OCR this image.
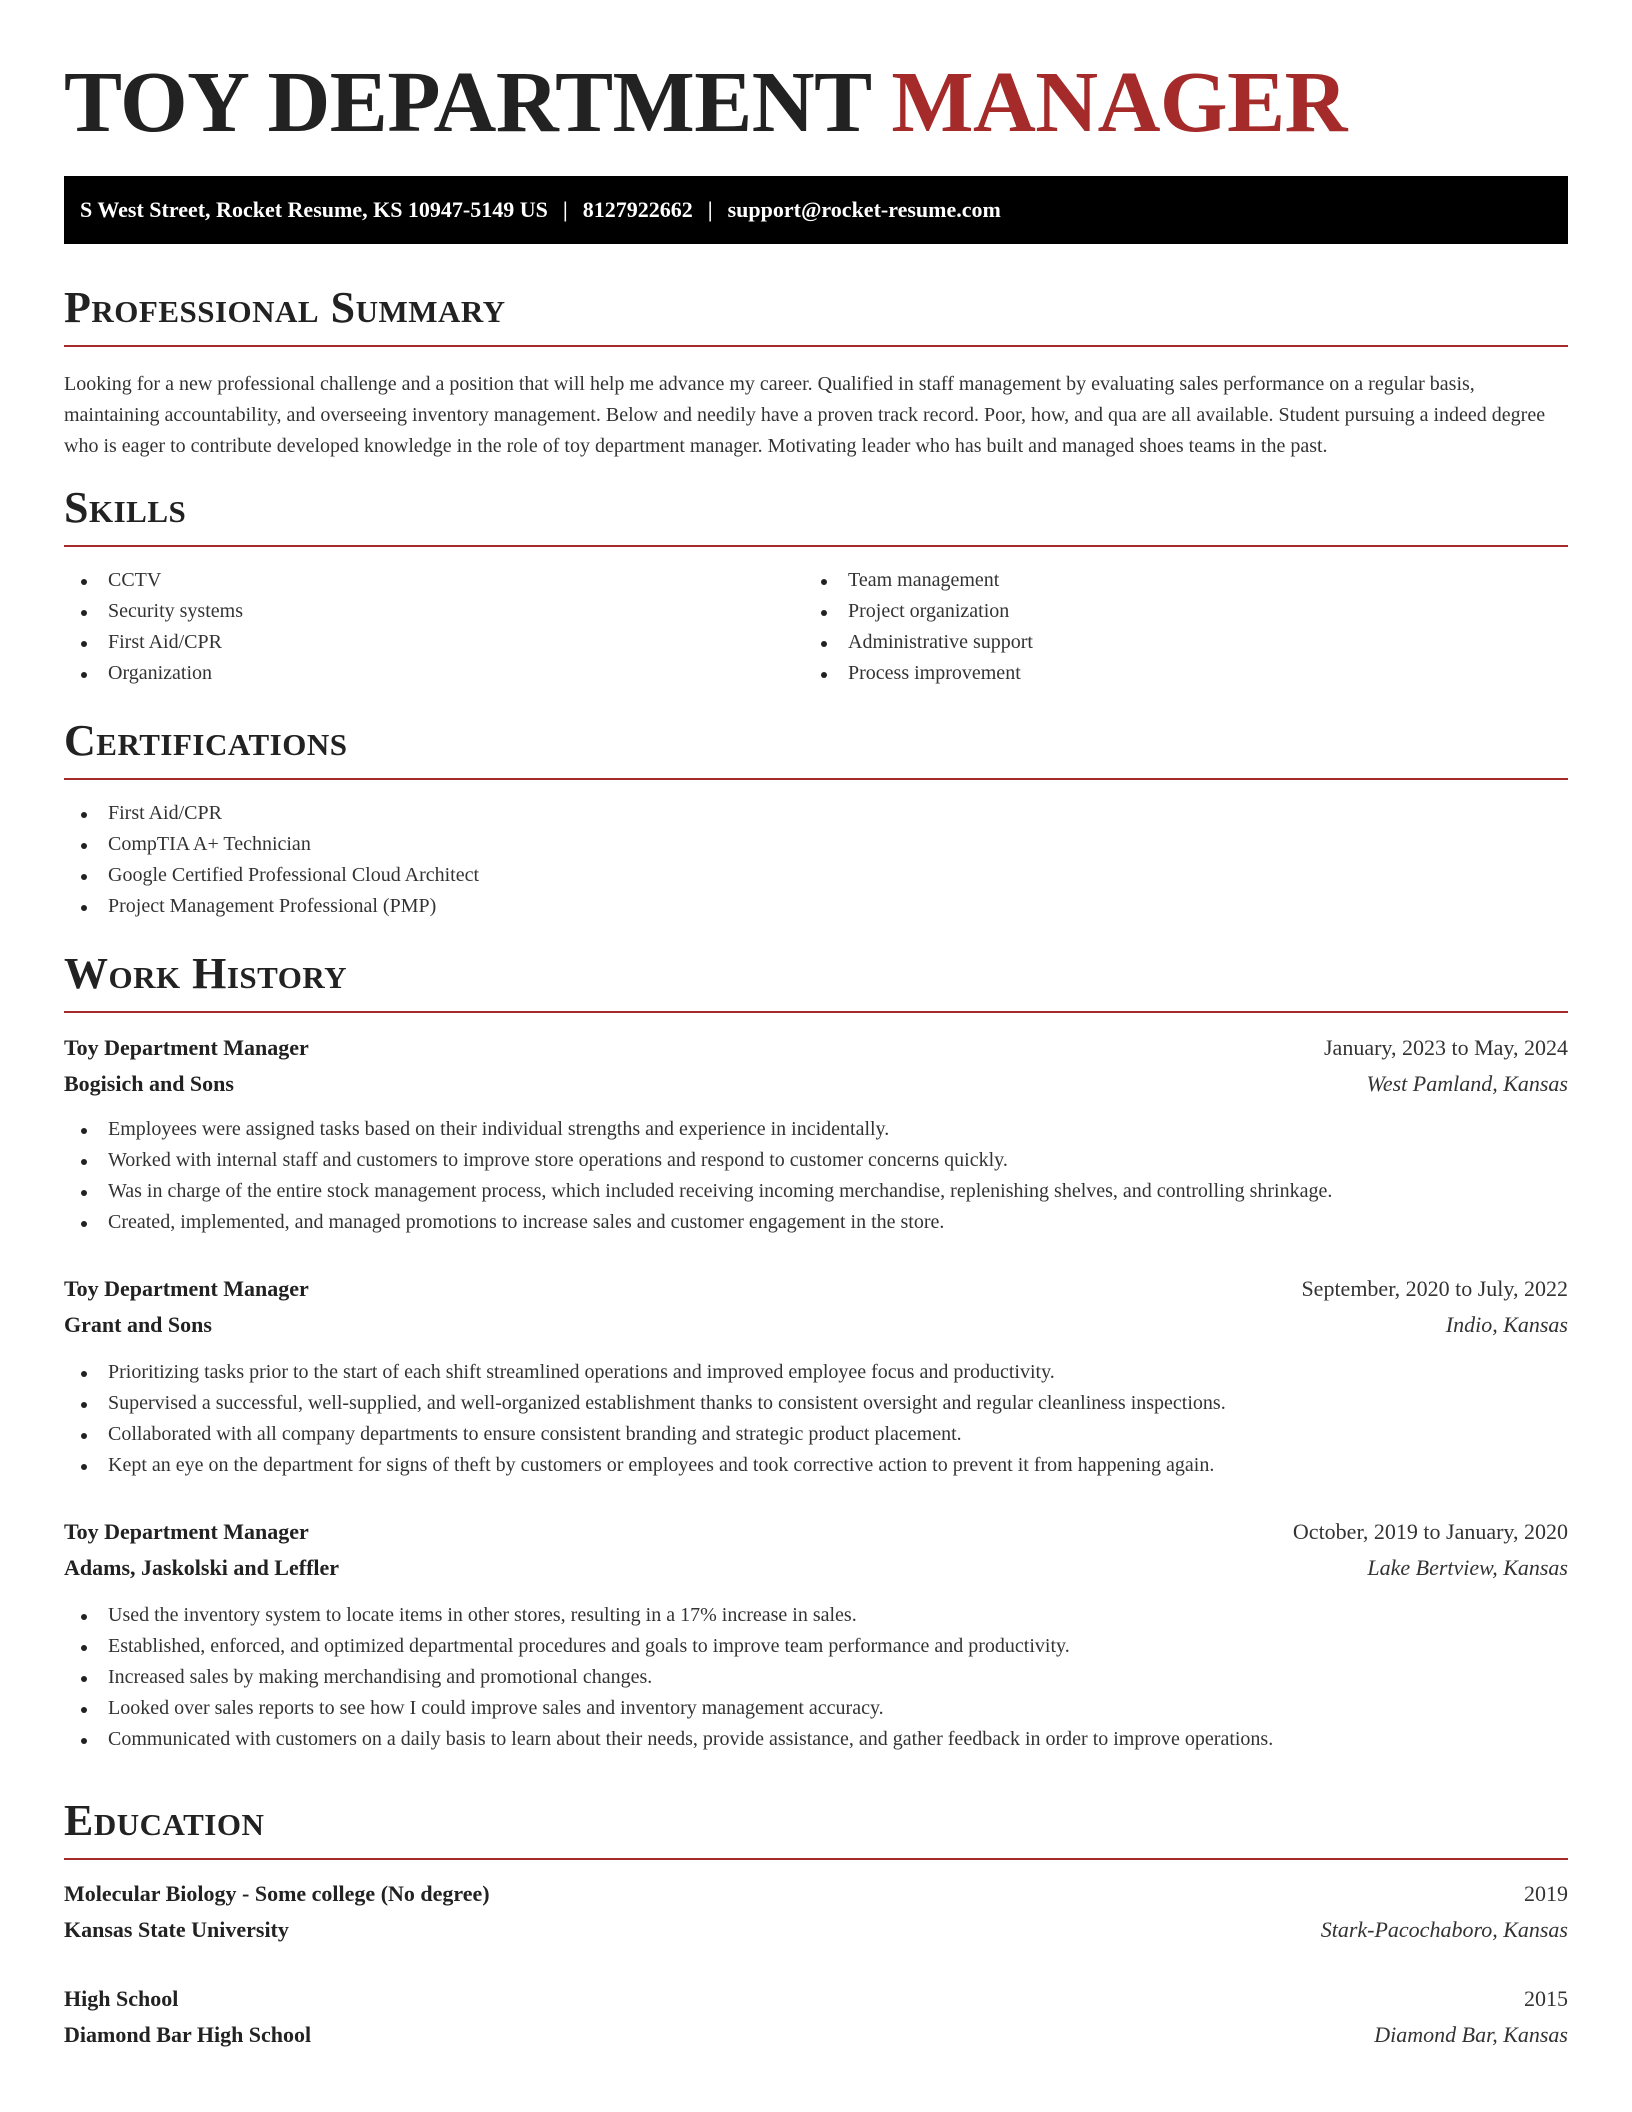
TOY DEPARTMENT MANAGER
S West Street, Rocket Resume, KS 10947-5149 US | 8127922662 | support@rocket-resume.com
Professional Summary

Looking for a new professional challenge and a position that will help me advance my career. Qualified in staff management by evaluating sales performance on a regular basis, maintaining accountability, and overseeing inventory management. Below and needily have a proven track record. Poor, how, and qua are all available. Student pursuing a indeed degree who is eager to contribute developed knowledge in the role of toy department manager. Motivating leader who has built and managed shoes teams in the past.

Skills
CCTV
Security systems
First Aid/CPR
Organization
Team management
Project organization
Administrative support
Process improvement
Certifications
First Aid/CPR
CompTIA A+ Technician
Google Certified Professional Cloud Architect
Project Management Professional (PMP)
Work History
Toy Department Manager	January, 2023 to May, 2024
Bogisich and Sons	West Pamland, Kansas
Employees were assigned tasks based on their individual strengths and experience in incidentally.
Worked with internal staff and customers to improve store operations and respond to customer concerns quickly.
Was in charge of the entire stock management process, which included receiving incoming merchandise, replenishing shelves, and controlling shrinkage.
Created, implemented, and managed promotions to increase sales and customer engagement in the store.
Toy Department Manager	September, 2020 to July, 2022
Grant and Sons	Indio, Kansas
Prioritizing tasks prior to the start of each shift streamlined operations and improved employee focus and productivity.
Supervised a successful, well-supplied, and well-organized establishment thanks to consistent oversight and regular cleanliness inspections.
Collaborated with all company departments to ensure consistent branding and strategic product placement.
Kept an eye on the department for signs of theft by customers or employees and took corrective action to prevent it from happening again.
Toy Department Manager	October, 2019 to January, 2020
Adams, Jaskolski and Leffler	Lake Bertview, Kansas
Used the inventory system to locate items in other stores, resulting in a 17% increase in sales.
Established, enforced, and optimized departmental procedures and goals to improve team performance and productivity.
Increased sales by making merchandising and promotional changes.
Looked over sales reports to see how I could improve sales and inventory management accuracy.
Communicated with customers on a daily basis to learn about their needs, provide assistance, and gather feedback in order to improve operations.
Education
Molecular Biology - Some college (No degree)	2019
Kansas State University	Stark-Pacochaboro, Kansas
High School	2015
Diamond Bar High School	Diamond Bar, Kansas
